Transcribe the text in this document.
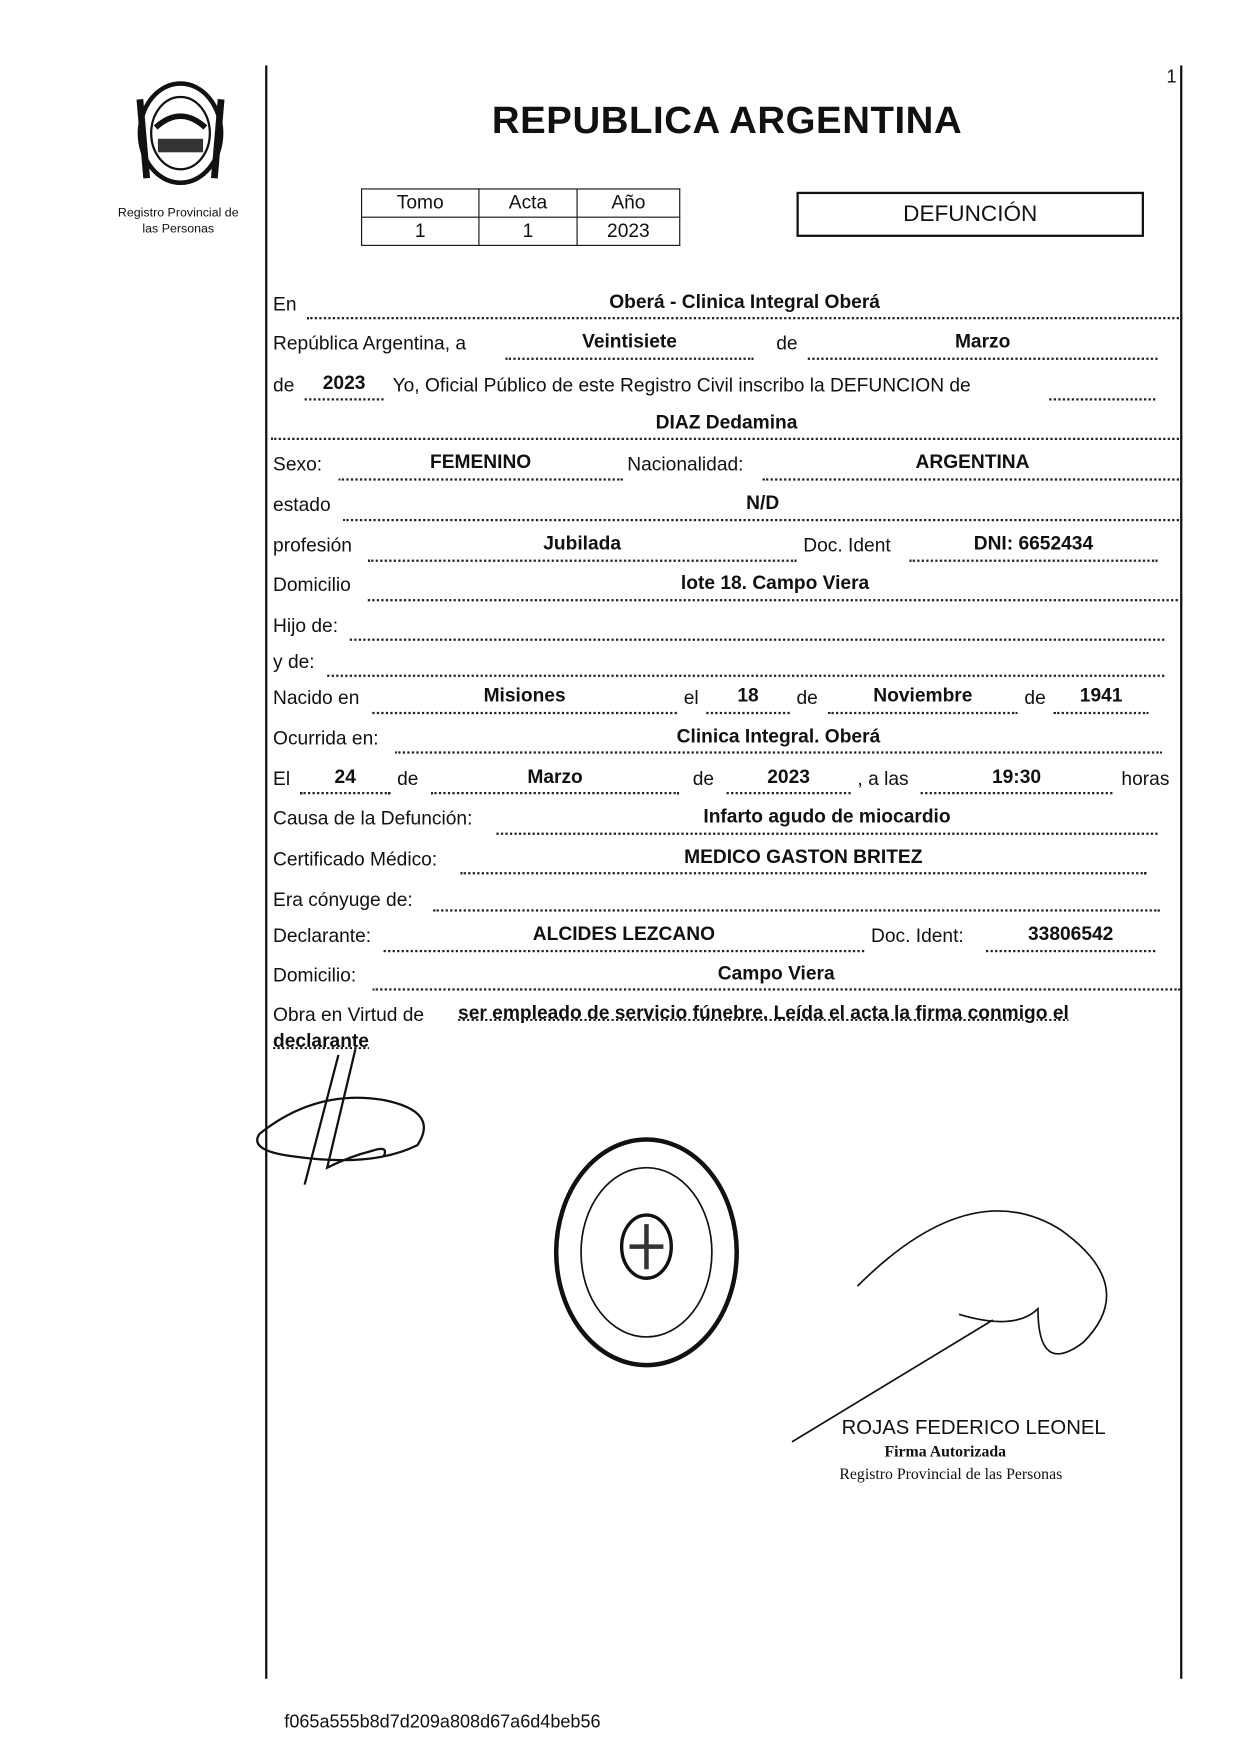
Registro Provincial de
las Personas
1
REPUBLICA ARGENTINA
Tomo	Acta	Año
1	1	2023
DEFUNCIÓN
En	Oberá - Clinica Integral Oberá
República Argentina, a	Veintisiete	de	Marzo
de	2023	Yo, Oficial Público de este Registro Civil inscribo la DEFUNCION de
DIAZ Dedamina
Sexo:	FEMENINO	Nacionalidad:	ARGENTINA
estado	N/D
profesión	Jubilada	Doc. Ident	DNI: 6652434
Domicilio	lote 18. Campo Viera
Hijo de:
y de:
Nacido en	Misiones	el	18	de	Noviembre	de	1941
Ocurrida en:	Clinica Integral. Oberá
El	24	de	Marzo	de	2023	, a las	19:30	horas
Causa de la Defunción:	Infarto agudo de miocardio
Certificado Médico:	MEDICO GASTON BRITEZ
Era cónyuge de:
Declarante:	ALCIDES LEZCANO	Doc. Ident:	33806542
Domicilio:	Campo Viera
Obra en Virtud de ser empleado de servicio fúnebre. Leída el acta la firma conmigo el
declarante
ROJAS FEDERICO LEONEL
Firma Autorizada
Registro Provincial de las Personas
f065a555b8d7d209a808d67a6d4beb56
